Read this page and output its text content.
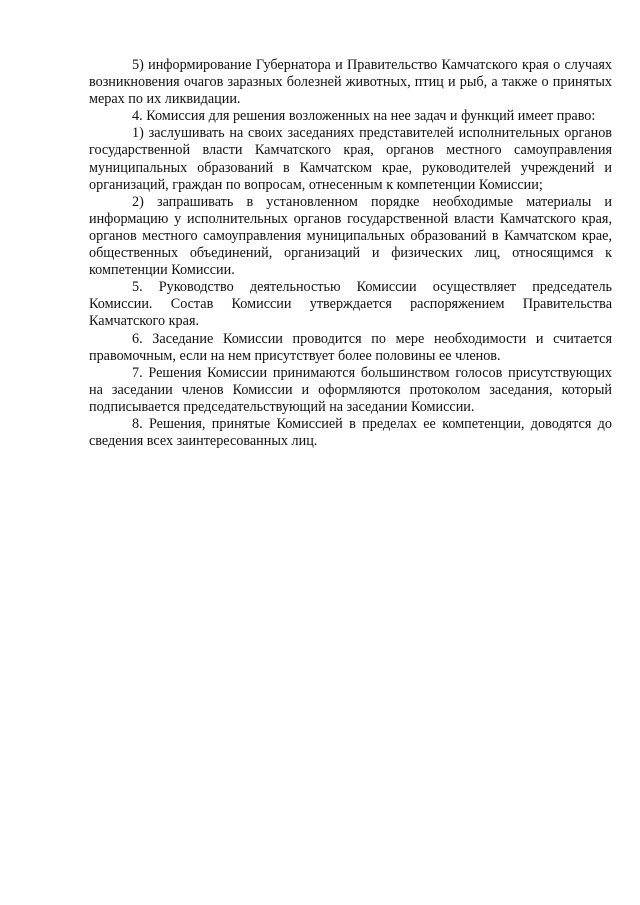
5) информирование Губернатора и Правительство Камчатского края о случаях возникновения очагов заразных болезней животных, птиц и рыб, а также о принятых мерах по их ликвидации.

4. Комиссия для решения возложенных на нее задач и функций имеет право:

1) заслушивать на своих заседаниях представителей исполнительных органов государственной власти Камчатского края, органов местного самоуправления муниципальных образований в Камчатском крае, руководителей учреждений и организаций, граждан по вопросам, отнесенным к компетенции Комиссии;

2) запрашивать в установленном порядке необходимые материалы и информацию у исполнительных органов государственной власти Камчатского края, органов местного самоуправления муниципальных образований в Камчатском крае, общественных объединений, организаций и физических лиц, относящимся к компетенции Комиссии.

5. Руководство деятельностью Комиссии осуществляет председатель Комиссии. Состав Комиссии утверждается распоряжением Правительства Камчатского края.

6. Заседание Комиссии проводится по мере необходимости и считается правомочным, если на нем присутствует более половины ее членов.

7. Решения Комиссии принимаются большинством голосов присутствующих на заседании членов Комиссии и оформляются протоколом заседания, который подписывается председательствующий на заседании Комиссии.

8. Решения, принятые Комиссией в пределах ее компетенции, доводятся до сведения всех заинтересованных лиц.
